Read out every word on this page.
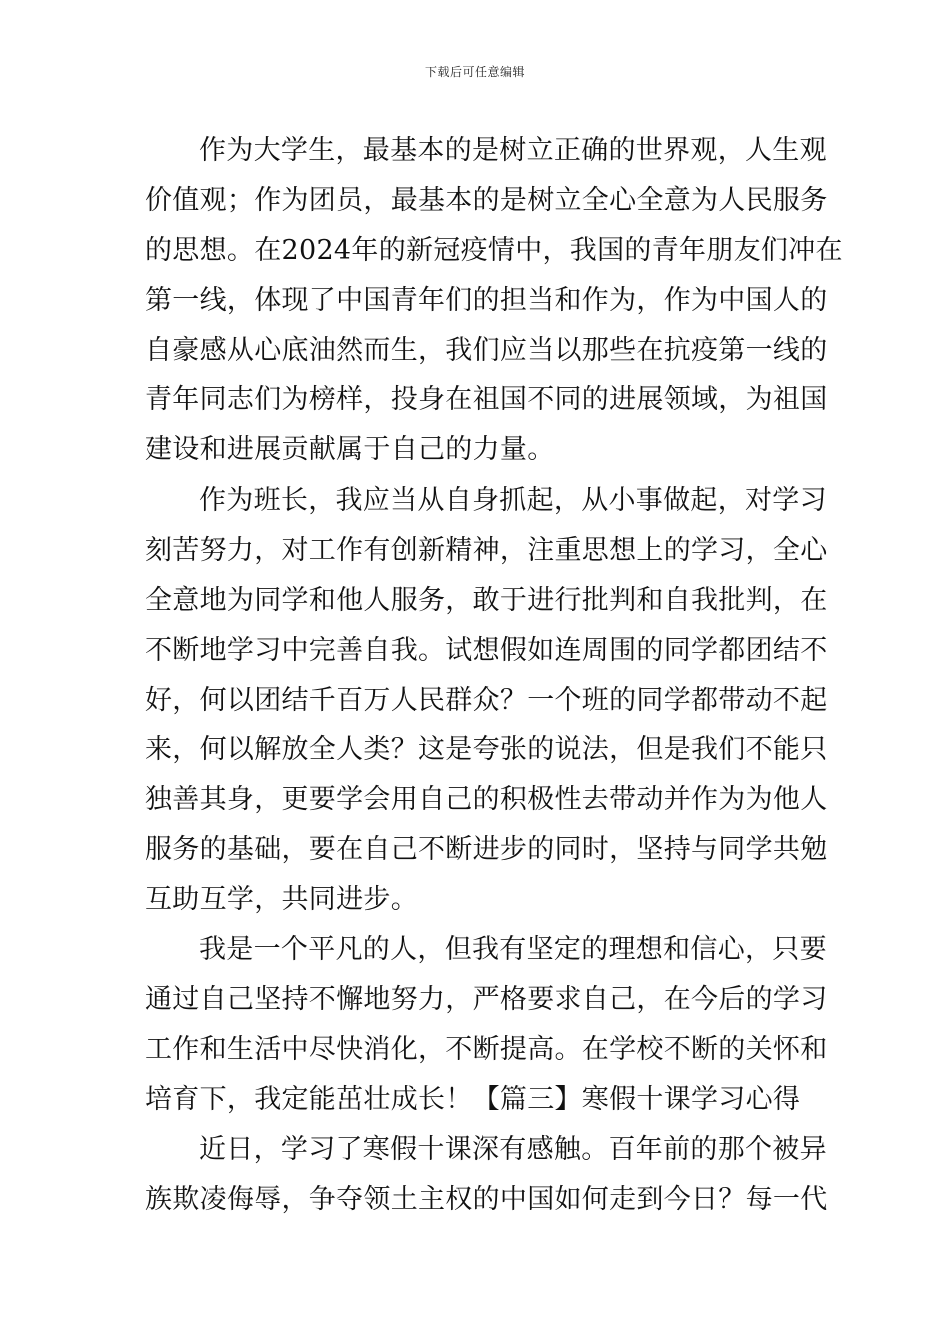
下载后可任意编辑
作为大学生，最基本的是树立正确的世界观，人生观
价值观；作为团员，最基本的是树立全心全意为人民服务
的思想。在2024年的新冠疫情中，我国的青年朋友们冲在
第一线，体现了中国青年们的担当和作为，作为中国人的
自豪感从心底油然而生，我们应当以那些在抗疫第一线的
青年同志们为榜样，投身在祖国不同的进展领域，为祖国
建设和进展贡献属于自己的力量。
作为班长，我应当从自身抓起，从小事做起，对学习
刻苦努力，对工作有创新精神，注重思想上的学习，全心
全意地为同学和他人服务，敢于进行批判和自我批判，在
不断地学习中完善自我。试想假如连周围的同学都团结不
好，何以团结千百万人民群众？一个班的同学都带动不起
来，何以解放全人类？这是夸张的说法，但是我们不能只
独善其身，更要学会用自己的积极性去带动并作为为他人
服务的基础，要在自己不断进步的同时，坚持与同学共勉
互助互学，共同进步。
我是一个平凡的人，但我有坚定的理想和信心，只要
通过自己坚持不懈地努力，严格要求自己，在今后的学习
工作和生活中尽快消化，不断提高。在学校不断的关怀和
培育下，我定能茁壮成长！【篇三】寒假十课学习心得
近日，学习了寒假十课深有感触。百年前的那个被异
族欺凌侮辱，争夺领土主权的中国如何走到今日？每一代
